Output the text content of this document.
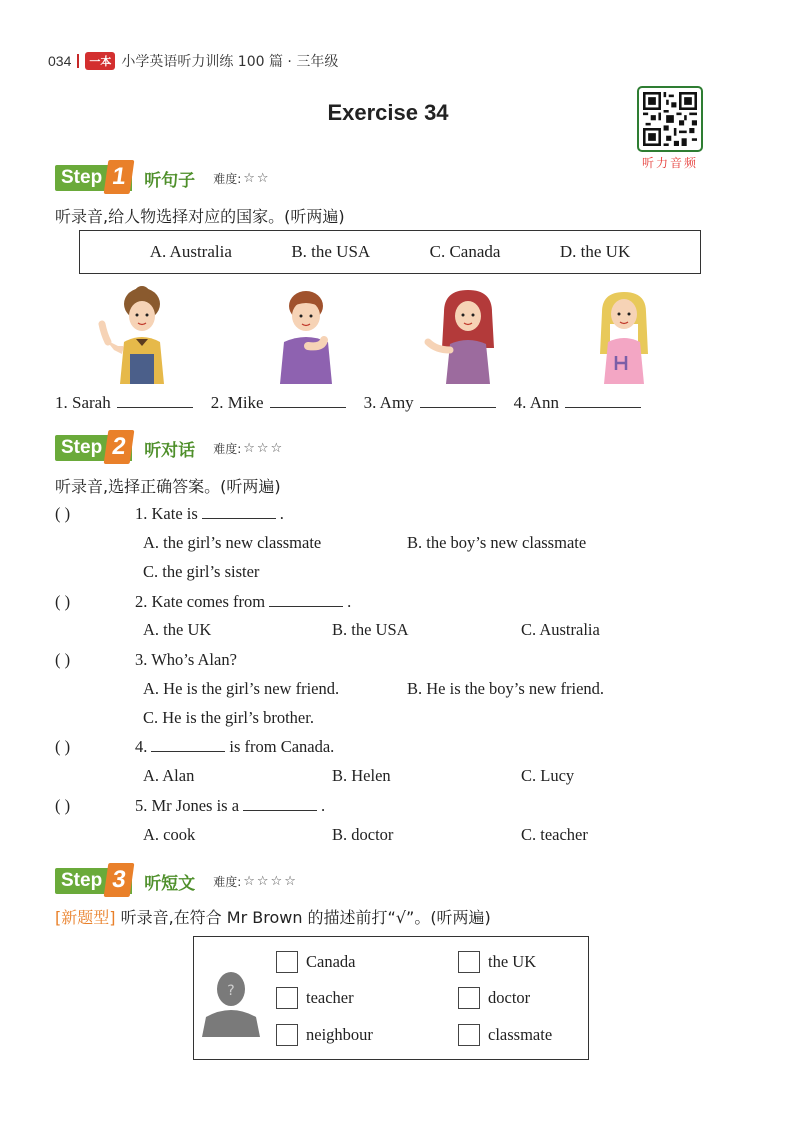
034	一本 小学英语听力训练 100 篇 · 三年级
Exercise 34
听力音频
Step 1 听句子 难度: ☆☆
听录音,给人物选择对应的国家。(听两遍)
A. Australia	B. the USA	C. Canada	D. the UK
1. Sarah	2. Mike	3. Amy	4. Ann
Step 2 听对话 难度: ☆☆☆
听录音,选择正确答案。(听两遍)
( )	1. Kate is	.
A. the girl’s new classmate	B. the boy’s new classmate
C. the girl’s sister
( )	2. Kate comes from	.
A. the UK	B. the USA	C. Australia
( )	3. Who’s Alan?
A. He is the girl’s new friend.	B. He is the boy’s new friend.
C. He is the girl’s brother.
( )	4.	is from Canada.
A. Alan	B. Helen	C. Lucy
( )	5. Mr Jones is a	.
A. cook	B. doctor	C. teacher
Step 3 听短文 难度: ☆☆☆☆
[新题型] 听录音,在符合 Mr Brown 的描述前打“√”。(听两遍)
?
Canada	the UK
teacher	doctor
neighbour	classmate
